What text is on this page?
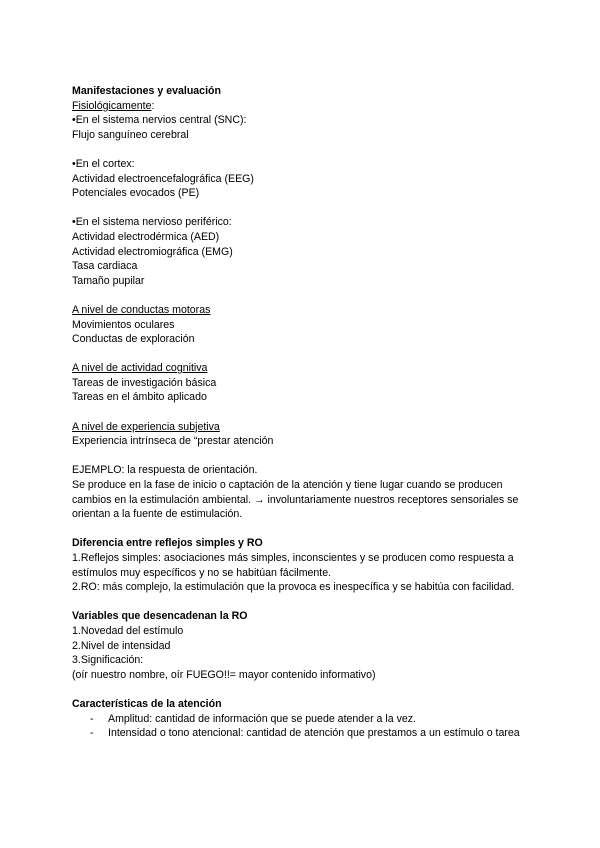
Manifestaciones y evaluación
Fisiológicamente:
•En el sistema nervios central (SNC):
Flujo sanguíneo cerebral
•En el cortex:
Actividad electroencefalográfica (EEG)
Potenciales evocados (PE)
•En el sistema nervioso periférico:
Actividad electrodérmica (AED)
Actividad electromiográfica (EMG)
Tasa cardiaca
Tamaño pupilar
A nivel de conductas motoras
Movimientos oculares
Conductas de exploración
A nivel de actividad cognitiva
Tareas de investigación básica
Tareas en el ámbito aplicado
A nivel de experiencia subjetiva
Experiencia intrínseca de “prestar atención
EJEMPLO: la respuesta de orientación.
Se produce en la fase de inicio o captación de la atención y tiene lugar cuando se producen cambios en la estimulación ambiental. → involuntariamente nuestros receptores sensoriales se orientan a la fuente de estimulación.
Diferencia entre reflejos simples y RO
1.Reflejos simples: asociaciones más simples, inconscientes y se producen como respuesta a estímulos muy específicos y no se habitúan fácilmente.
2.RO: más complejo, la estimulación que la provoca es inespecífica y se habitúa con facilidad.
Variables que desencadenan la RO
1.Novedad del estímulo
2.Nivel de intensidad
3.Significación:
(oír nuestro nombre, oír FUEGO!!= mayor contenido informativo)
Características de la atención
-	Amplitud: cantidad de información que se puede atender a la vez.
-	Intensidad o tono atencional: cantidad de atención que prestamos a un estímulo o tarea
